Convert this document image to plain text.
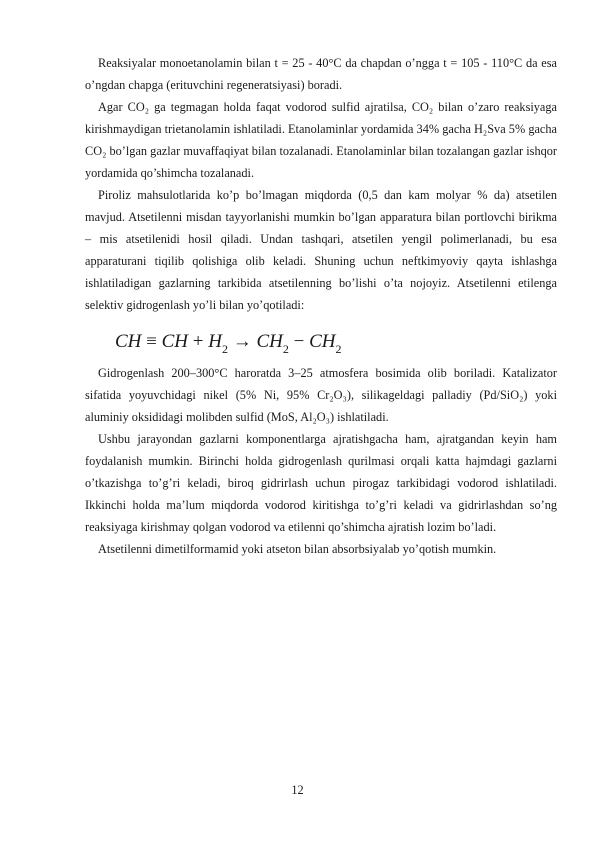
Reaksiyalar monoetanolamin bilan t = 25 - 40°C da chapdan o’ngga t = 105 - 110°C da esa o’ngdan chapga (erituvchini regeneratsiyasi) boradi.

Agar CO₂ ga tegmagan holda faqat vodorod sulfid ajratilsa, CO₂ bilan o’zaro reaksiyaga kirishmaydigan trietanolamin ishlatiladi. Etanolaminlar yordamida 34% gacha H₂Sva 5% gacha CO₂ bo’lgan gazlar muvaffaqiyat bilan tozalanadi. Etanolaminlar bilan tozalangan gazlar ishqor yordamida qo’shimcha tozalanadi.

Piroliz mahsulotlarida ko’p bo’lmagan miqdorda (0,5 dan kam molyar % da) atsetilen mavjud. Atsetilenni misdan tayyorlanishi mumkin bo’lgan apparatura bilan portlovchi birikma – mis atsetilenidi hosil qiladi. Undan tashqari, atsetilen yengil polimerlanadi, bu esa apparaturani tiqilib qolishiga olib keladi. Shuning uchun neftkimyoviy qayta ishlashga ishlatiladigan gazlarning tarkibida atsetilenning bo’lishi o’ta nojoyiz. Atsetilenni etilenga selektiv gidrogenlash yo’li bilan yo’qotiladi:

CH ≡ CH + $H_2 \to CH_2 - CH_2$

Gidrogenlash 200–300°C haroratda 3–25 atmosfera bosimida olib boriladi. Katalizator sifatida yoyuvchidagi nikel (5% Ni, 95% Cr₂O₃), silikageldagi palladiy (Pd/SiO₂) yoki aluminiy oksididagi molibden sulfid (MoS, Al₂O₃) ishlatiladi.

Ushbu jarayondan gazlarni komponentlarga ajratishgacha ham, ajratgandan keyin ham foydalanish mumkin. Birinchi holda gidrogenlash qurilmasi orqali katta hajmdagi gazlarni o’tkazishga to’g’ri keladi, biroq gidrirlash uchun pirogaz tarkibidagi vodorod ishlatiladi. Ikkinchi holda ma’lum miqdorda vodorod kiritishga to’g’ri keladi va gidrirlashdan so’ng reaksiyaga kirishmay qolgan vodorod va etilenni qo’shimcha ajratish lozim bo’ladi.

Atsetilenni dimetilformamid yoki atseton bilan absorbsiyalab yo’qotish mumkin.

12
